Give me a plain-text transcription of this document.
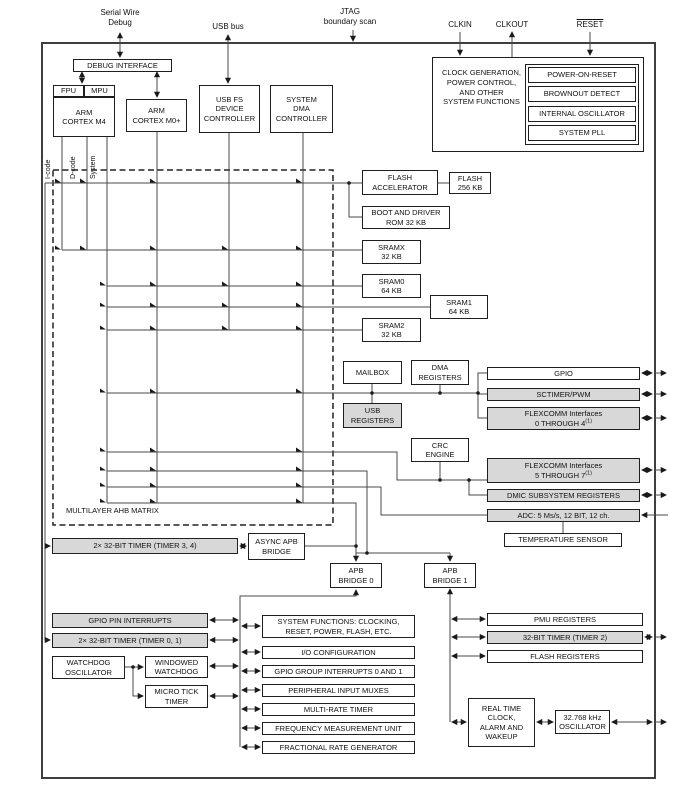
Serial Wire
Debug	USB bus
JTAG
boundary scan	CLKIN	CLKOUT	RESET
DEBUG INTERFACE
FPU	MPU
ARM
CORTEX M4
ARM
CORTEX M0+
USB FS
DEVICE
CONTROLLER
SYSTEM
DMA
CONTROLLER
I-code	D-code System
MULTILAYER AHB MATRIX
CLOCK GENERATION,
POWER CONTROL,
AND OTHER
SYSTEM FUNCTIONS
POWER-ON-RESET
BROWNOUT DETECT
INTERNAL OSCILLATOR
SYSTEM PLL
FLASH
ACCELERATOR
FLASH
256 KB
BOOT AND DRIVER
ROM 32 KB
SRAMX
32 KB
SRAM0
64 KB
SRAM1
64 KB
SRAM2
32 KB
MAILBOX
DMA
REGISTERS
USB
REGISTERS
GPIO
SCTIMER/PWM
FLEXCOMM Interfaces
0 THROUGH 4$^{(1)}$
CRC
ENGINE
FLEXCOMM Interfaces
5 THROUGH 7$^{(1)}$
DMIC SUBSYSTEM REGISTERS
ADC: 5 Ms/s, 12 BIT, 12 ch.
TEMPERATURE SENSOR
2× 32-BIT TIMER (TIMER 3, 4)	ASYNC APB
BRIDGE
APB
BRIDGE 0
APB
BRIDGE 1
GPIO PIN INTERRUPTS
2× 32-BIT TIMER (TIMER 0, 1)
WATCHDOG
OSCILLATOR
WINDOWED
WATCHDOG
MICRO TICK
TIMER
SYSTEM FUNCTIONS: CLOCKING,
RESET, POWER, FLASH, ETC.
I/O CONFIGURATION
GPIO GROUP INTERRUPTS 0 AND 1
PERIPHERAL INPUT MUXES
MULTI-RATE TIMER
FREQUENCY MEASUREMENT UNIT
FRACTIONAL RATE GENERATOR
PMU REGISTERS
32-BIT TIMER (TIMER 2)
FLASH REGISTERS
REAL TIME
CLOCK,
ALARM AND
WAKEUP
32.768 kHz
OSCILLATOR
